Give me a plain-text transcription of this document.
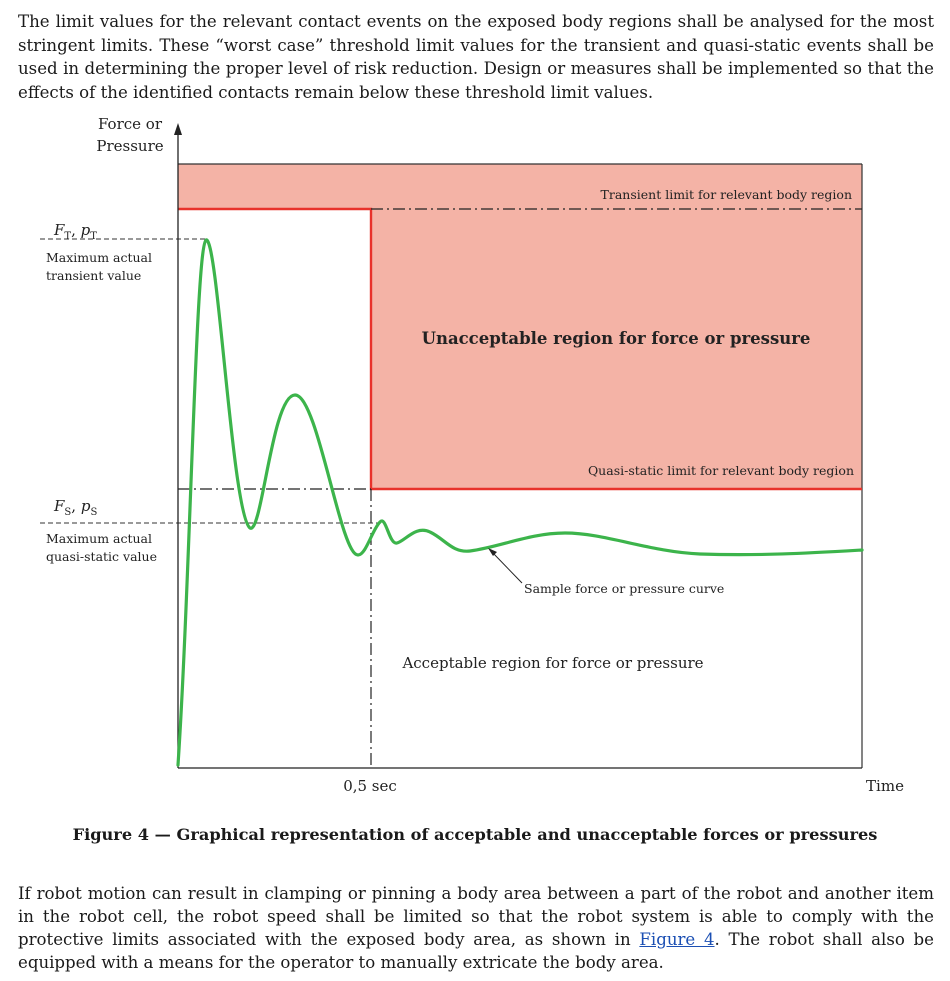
The limit values for the relevant contact events on the exposed body regions shall be analysed for the most stringent limits. These “worst case” threshold limit values for the transient and quasi-static events shall be used in determining the proper level of risk reduction. Design or measures shall be implemented so that the effects of the identified contacts remain below these threshold limit values.

Force or
Pressure
$F_T$, $p_T$
Maximum actual
transient value
$F_S$, $p_S$
Maximum actual
quasi-static value
Transient limit for relevant body region
Quasi-static limit for relevant body region
Unacceptable region for force or pressure
Acceptable region for force or pressure
Sample force or pressure curve
0,5 sec	Time

Figure 4 — Graphical representation of acceptable and unacceptable forces or pressures

If robot motion can result in clamping or pinning a body area between a part of the robot and another item in the robot cell, the robot speed shall be limited so that the robot system is able to comply with the protective limits associated with the exposed body area, as shown in Figure 4. The robot shall also be equipped with a means for the operator to manually extricate the body area.
